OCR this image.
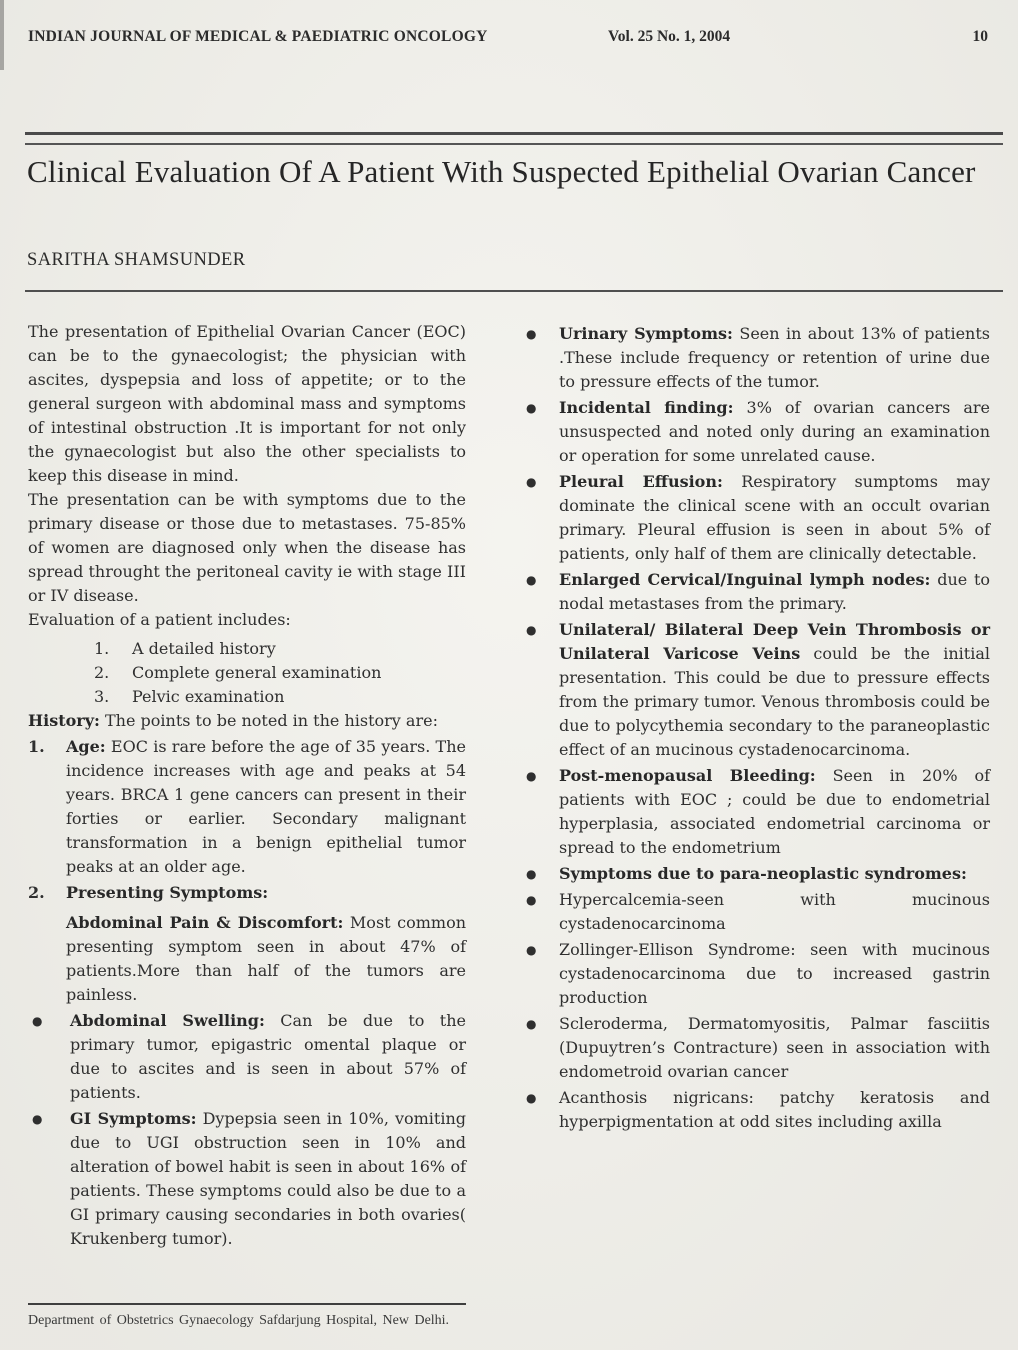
INDIAN JOURNAL OF MEDICAL & PAEDIATRIC ONCOLOGY	Vol. 25 No. 1, 2004	10
Clinical Evaluation Of A Patient With Suspected Epithelial Ovarian Cancer
SARITHA SHAMSUNDER

The presentation of Epithelial Ovarian Cancer (EOC) can be to the gynaecologist; the physician with ascites, dyspepsia and loss of appetite; or to the general surgeon with abdominal mass and symptoms of intestinal obstruction .It is important for not only the gynaecologist but also the other specialists to keep this disease in mind.

The presentation can be with symptoms due to the primary disease or those due to metastases. 75-85% of women are diagnosed only when the disease has spread throught the peritoneal cavity ie with stage III or IV disease.

Evaluation of a patient includes:

1.	A detailed history
2.	Complete general examination
3.	Pelvic examination

History: The points to be noted in the history are:

1.	Age: EOC is rare before the age of 35 years. The incidence increases with age and peaks at 54 years. BRCA 1 gene cancers can present in their forties or earlier. Secondary malignant transformation in a benign epithelial tumor peaks at an older age.
2.	Presenting Symptoms:
Abdominal Pain & Discomfort: Most common presenting symptom seen in about 47% of patients.More than half of the tumors are painless.
●	Abdominal Swelling: Can be due to the primary tumor, epigastric omental plaque or due to ascites and is seen in about 57% of patients.
●	GI Symptoms: Dypepsia seen in 10%, vomiting due to UGI obstruction seen in 10% and alteration of bowel habit is seen in about 16% of patients. These symptoms could also be due to a GI primary causing secondaries in both ovaries( Krukenberg tumor).
●	Urinary Symptoms: Seen in about 13% of patients .These include frequency or retention of urine due to pressure effects of the tumor.
●	Incidental finding: 3% of ovarian cancers are unsuspected and noted only during an examination or operation for some unrelated cause.
●	Pleural Effusion: Respiratory sumptoms may dominate the clinical scene with an occult ovarian primary. Pleural effusion is seen in about 5% of patients, only half of them are clinically detectable.
●	Enlarged Cervical/Inguinal lymph nodes: due to nodal metastases from the primary.
●	Unilateral/ Bilateral Deep Vein Thrombosis or Unilateral Varicose Veins could be the initial presentation. This could be due to pressure effects from the primary tumor. Venous thrombosis could be due to polycythemia secondary to the paraneoplastic effect of an mucinous cystadenocarcinoma.
●	Post-menopausal Bleeding: Seen in 20% of patients with EOC ; could be due to endometrial hyperplasia, associated endometrial carcinoma or spread to the endometrium
●	Symptoms due to para-neoplastic syndromes:
●	Hypercalcemia-seen with mucinous cystadenocarcinoma
●	Zollinger-Ellison Syndrome: seen with mucinous cystadenocarcinoma due to increased gastrin production
●	Scleroderma, Dermatomyositis, Palmar fasciitis (Dupuytren’s Contracture) seen in association with endometroid ovarian cancer
●	Acanthosis nigricans: patchy keratosis and hyperpigmentation at odd sites including axilla
Department of Obstetrics Gynaecology Safdarjung Hospital, New Delhi.
